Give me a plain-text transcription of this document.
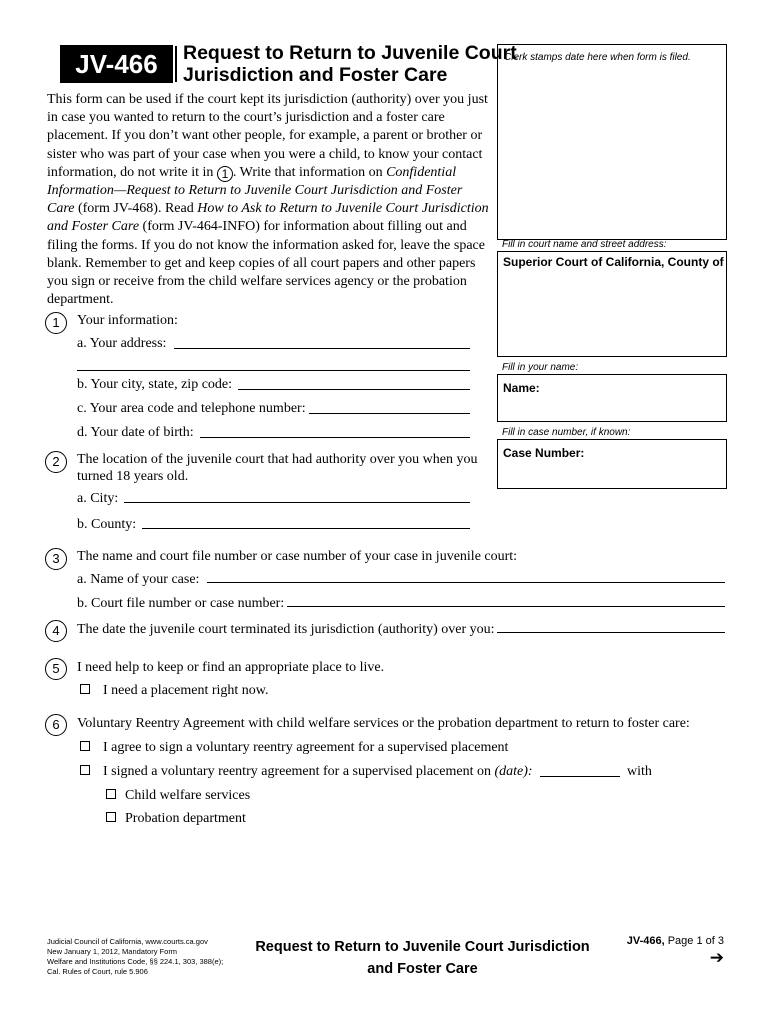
JV-466	Request to Return to Juvenile Court
Jurisdiction and Foster Care
Clerk stamps date here when form is filed.
Fill in court name and street address:
Superior Court of California, County of
Fill in your name:
Name:
Fill in case number, if known:
Case Number:
This form can be used if the court kept its jurisdiction (authority) over you just in case you wanted to return to the court’s jurisdiction and a foster care placement. If you don’t want other people, for example, a parent or brother or sister who was part of your case when you were a child, to know your contact information, do not write it in 1 . Write that information on Confidential Information—Request to Return to Juvenile Court Jurisdiction and Foster Care (form JV-468). Read How to Ask to Return to Juvenile Court Jurisdiction and Foster Care (form JV-464-INFO) for information about filling out and filing the forms. If you do not know the information asked for, leave the space blank. Remember to get and keep copies of all court papers and other papers you sign or receive from the child welfare services agency or the probation department.
1	Your information:
a. Your address:
b. Your city, state, zip code:
c. Your area code and telephone number:
d. Your date of birth:
2	The location of the juvenile court that had authority over you when you
turned 18 years old.
a. City:
b. County:
3	The name and court file number or case number of your case in juvenile court:
a. Name of your case:
b. Court file number or case number:
4	The date the juvenile court terminated its jurisdiction (authority) over you:
5	I need help to keep or find an appropriate place to live.
I need a placement right now.
6	Voluntary Reentry Agreement with child welfare services or the probation department to return to foster care:
I agree to sign a voluntary reentry agreement for a supervised placement
I signed a voluntary reentry agreement for a supervised placement on (date):	with
Child welfare services
Probation department
Judicial Council of California, www.courts.ca.gov
New January 1, 2012, Mandatory Form
Welfare and Institutions Code, §§ 224.1, 303, 388(e);
Cal. Rules of Court, rule 5.906
Request to Return to Juvenile Court Jurisdiction
and Foster Care
JV-466, Page 1 of 3
➔
